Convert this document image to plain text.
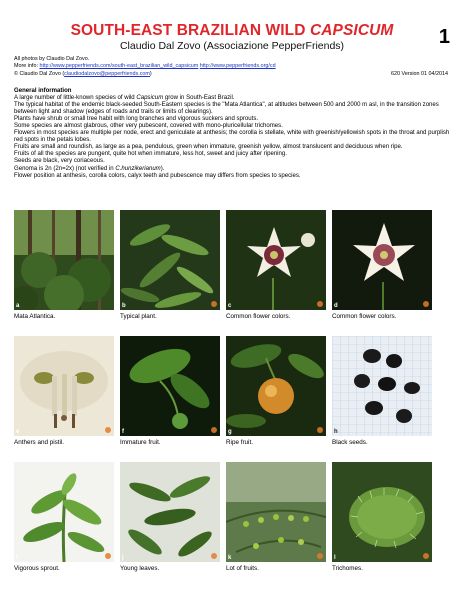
SOUTH-EAST BRAZILIAN WILD CAPSICUM
Claudio Dal Zovo (Associazione PepperFriends)	1
All photos by Claudio Dal Zovo.
More info: http://www.pepperfriends.com/south-east_brazilian_wild_capsicum http://www.pepperfriends.org/cd
© Claudio Dal Zovo (claudiodalzovo@pepperfriends.com)	620 Version 01 04/2014

General information

A large number of little-known species of wild Capsicum grow in South-East Brazil.

The typical habitat of the endemic black-seeded South-Eastern species is the "Mata Atlantica", at altitudes between 500 and 2000 m asl, in the transition zones between light and shadow (edges of roads and trails or limits of clearings).

Plants have shrub or small tree habit with long branches and vigorous suckers and sprouts.

Some species are almost glabrous, other very pubescent, covered with mono-pluricellular trichomes.

Flowers in most species are multiple per node, erect and geniculate at anthesis; the corolla is stellate, white with greenish/yellowish spots in the throat and purplish red spots in the petals lobes.

Fruits are small and roundish, as large as a pea, pendulous, green when immature, greenish yellow, almost translucent and deciduous when ripe.

Fruits of all the species are pungent, quite hot when immature, less hot, sweet and juicy after ripening.

Seeds are black, very coriaceous.

Genoma is 2n (2n=2x) (not verified in C.hunzikerianum).

Flower position at anthesis, corolla colors, calyx teeth and pubescence may differs from species to species.

a
Mata Atlantica.
b
Typical plant.
c
Common flower colors.
d
Common flower colors.
e
Anthers and pistil.
f
Immature fruit.
g
Ripe fruit.
h
Black seeds.
i
Vigorous sprout.
j
Young leaves.
k
Lot of fruits.
l
Trichomes.
